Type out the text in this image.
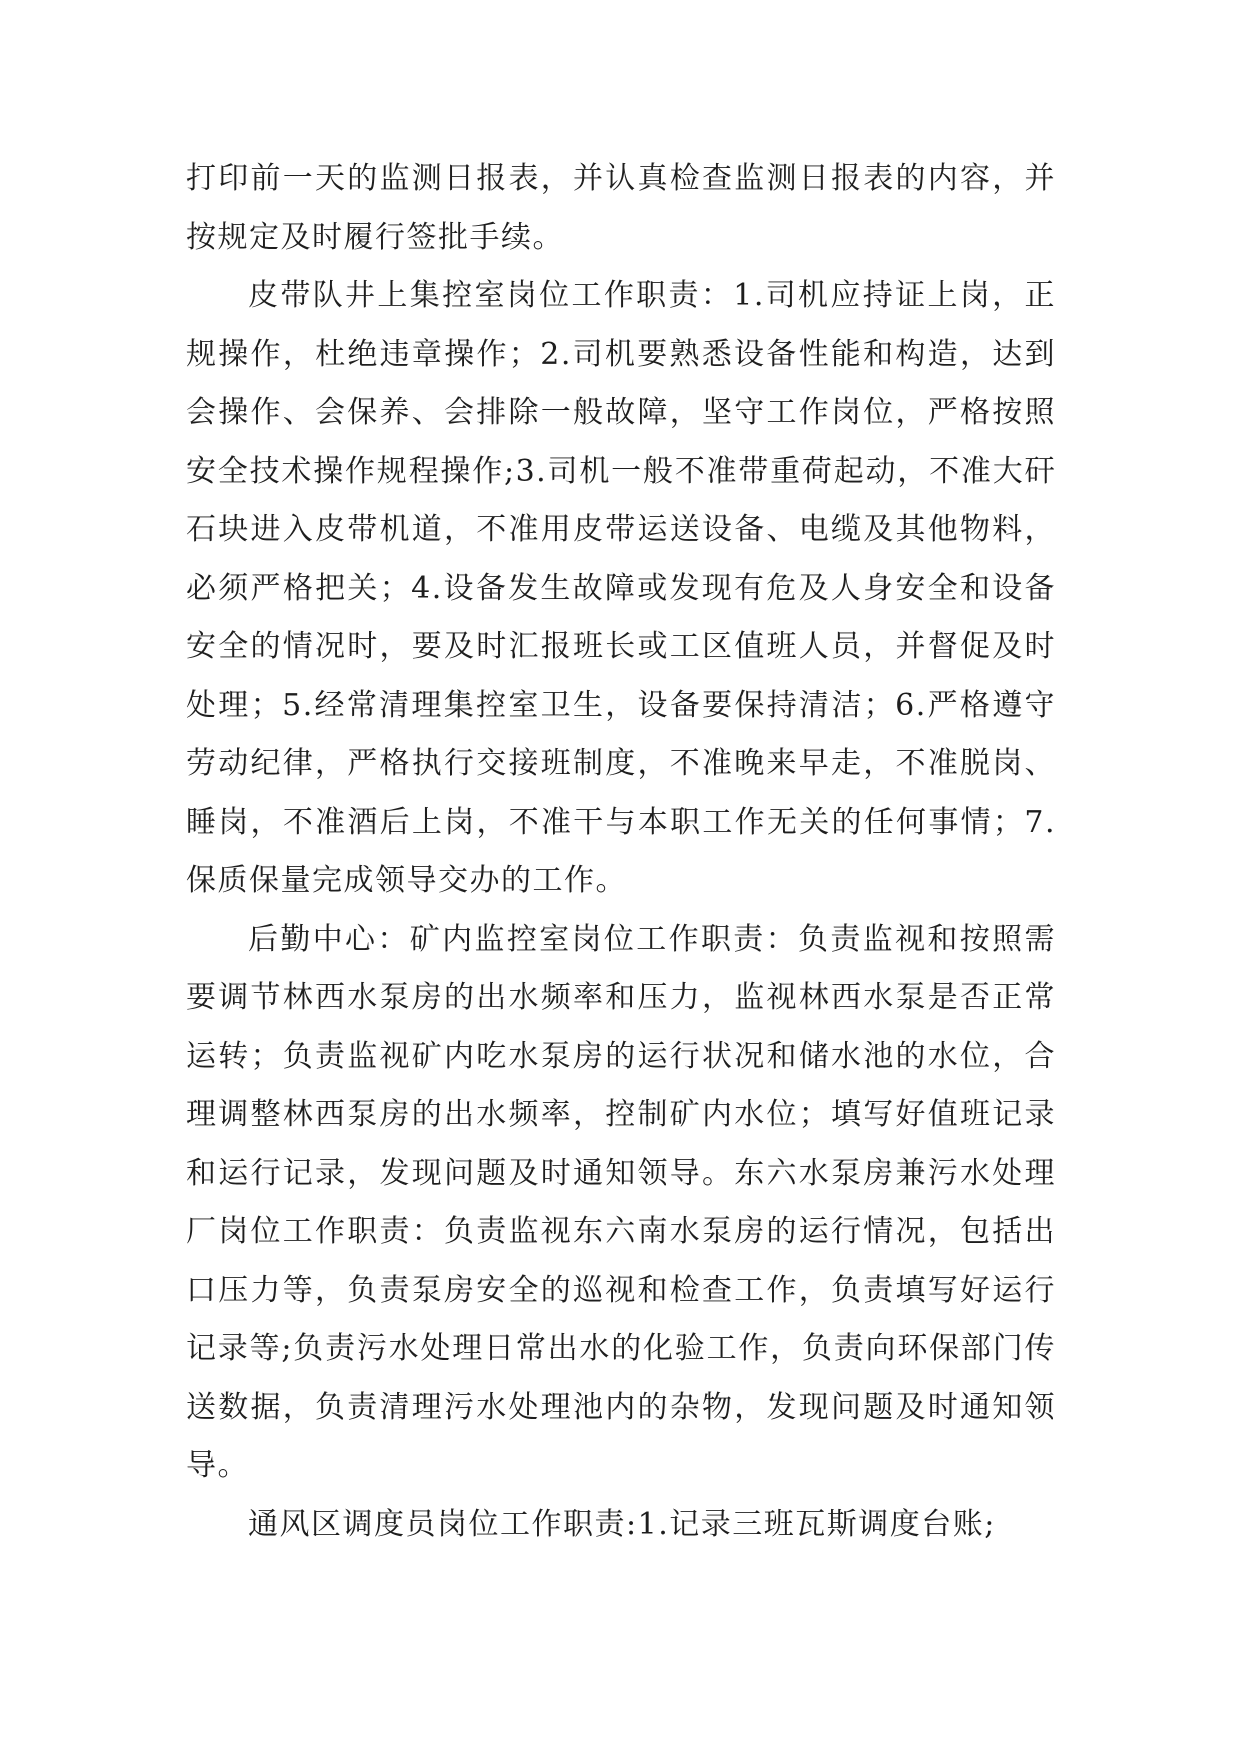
打印前一天的监测日报表，并认真检查监测日报表的内容，并按规定及时履行签批手续。

皮带队井上集控室岗位工作职责：1.司机应持证上岗，正规操作，杜绝违章操作；2.司机要熟悉设备性能和构造，达到会操作、会保养、会排除一般故障，坚守工作岗位，严格按照安全技术操作规程操作;3.司机一般不准带重荷起动，不准大矸石块进入皮带机道，不准用皮带运送设备、电缆及其他物料，必须严格把关；4.设备发生故障或发现有危及人身安全和设备安全的情况时，要及时汇报班长或工区值班人员，并督促及时处理；5.经常清理集控室卫生，设备要保持清洁；6.严格遵守劳动纪律，严格执行交接班制度，不准晚来早走，不准脱岗、睡岗，不准酒后上岗，不准干与本职工作无关的任何事情；7.保质保量完成领导交办的工作。

后勤中心：矿内监控室岗位工作职责：负责监视和按照需要调节林西水泵房的出水频率和压力，监视林西水泵是否正常运转；负责监视矿内吃水泵房的运行状况和储水池的水位，合理调整林西泵房的出水频率，控制矿内水位；填写好值班记录和运行记录，发现问题及时通知领导。东六水泵房兼污水处理厂岗位工作职责：负责监视东六南水泵房的运行情况，包括出口压力等，负责泵房安全的巡视和检查工作，负责填写好运行记录等;负责污水处理日常出水的化验工作，负责向环保部门传送数据，负责清理污水处理池内的杂物，发现问题及时通知领导。

通风区调度员岗位工作职责:1.记录三班瓦斯调度台账;
